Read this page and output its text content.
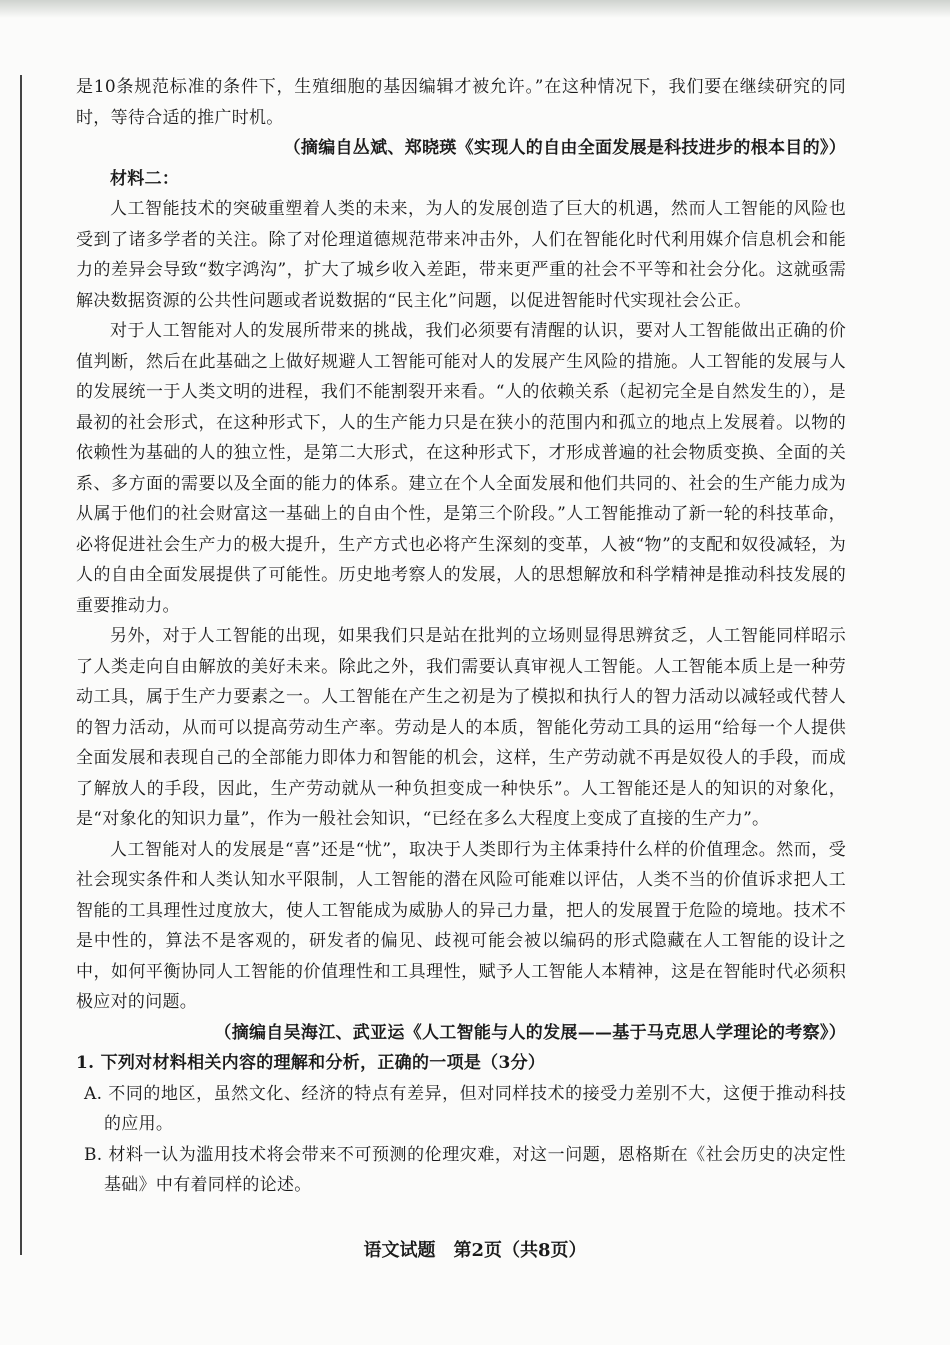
是10条规范标准的条件下，生殖细胞的基因编辑才被允许。”在这种情况下，我们要在继续研究的同时，等待合适的推广时机。

（摘编自丛斌、郑晓瑛《实现人的自由全面发展是科技进步的根本目的》）

材料二：

人工智能技术的突破重塑着人类的未来，为人的发展创造了巨大的机遇，然而人工智能的风险也受到了诸多学者的关注。除了对伦理道德规范带来冲击外，人们在智能化时代利用媒介信息机会和能力的差异会导致“数字鸿沟”，扩大了城乡收入差距，带来更严重的社会不平等和社会分化。这就亟需解决数据资源的公共性问题或者说数据的“民主化”问题，以促进智能时代实现社会公正。

对于人工智能对人的发展所带来的挑战，我们必须要有清醒的认识，要对人工智能做出正确的价值判断，然后在此基础之上做好规避人工智能可能对人的发展产生风险的措施。人工智能的发展与人的发展统一于人类文明的进程，我们不能割裂开来看。“人的依赖关系（起初完全是自然发生的），是最初的社会形式，在这种形式下，人的生产能力只是在狭小的范围内和孤立的地点上发展着。以物的依赖性为基础的人的独立性，是第二大形式，在这种形式下，才形成普遍的社会物质变换、全面的关系、多方面的需要以及全面的能力的体系。建立在个人全面发展和他们共同的、社会的生产能力成为从属于他们的社会财富这一基础上的自由个性，是第三个阶段。”人工智能推动了新一轮的科技革命，必将促进社会生产力的极大提升，生产方式也必将产生深刻的变革，人被“物”的支配和奴役减轻，为人的自由全面发展提供了可能性。历史地考察人的发展，人的思想解放和科学精神是推动科技发展的重要推动力。

另外，对于人工智能的出现，如果我们只是站在批判的立场则显得思辨贫乏，人工智能同样昭示了人类走向自由解放的美好未来。除此之外，我们需要认真审视人工智能。人工智能本质上是一种劳动工具，属于生产力要素之一。人工智能在产生之初是为了模拟和执行人的智力活动以减轻或代替人的智力活动，从而可以提高劳动生产率。劳动是人的本质，智能化劳动工具的运用“给每一个人提供全面发展和表现自己的全部能力即体力和智能的机会，这样，生产劳动就不再是奴役人的手段，而成了解放人的手段，因此，生产劳动就从一种负担变成一种快乐”。人工智能还是人的知识的对象化，是“对象化的知识力量”，作为一般社会知识，“已经在多么大程度上变成了直接的生产力”。

人工智能对人的发展是“喜”还是“忧”，取决于人类即行为主体秉持什么样的价值理念。然而，受社会现实条件和人类认知水平限制，人工智能的潜在风险可能难以评估，人类不当的价值诉求把人工智能的工具理性过度放大，使人工智能成为威胁人的异己力量，把人的发展置于危险的境地。技术不是中性的，算法不是客观的，研发者的偏见、歧视可能会被以编码的形式隐藏在人工智能的设计之中，如何平衡协同人工智能的价值理性和工具理性，赋予人工智能人本精神，这是在智能时代必须积极应对的问题。

（摘编自吴海江、武亚运《人工智能与人的发展——基于马克思人学理论的考察》）

1. 下列对材料相关内容的理解和分析，正确的一项是（3分）

A. 不同的地区，虽然文化、经济的特点有差异，但对同样技术的接受力差别不大，这便于推动科技的应用。

B. 材料一认为滥用技术将会带来不可预测的伦理灾难，对这一问题，恩格斯在《社会历史的决定性基础》中有着同样的论述。

语文试题　第2页（共8页）
